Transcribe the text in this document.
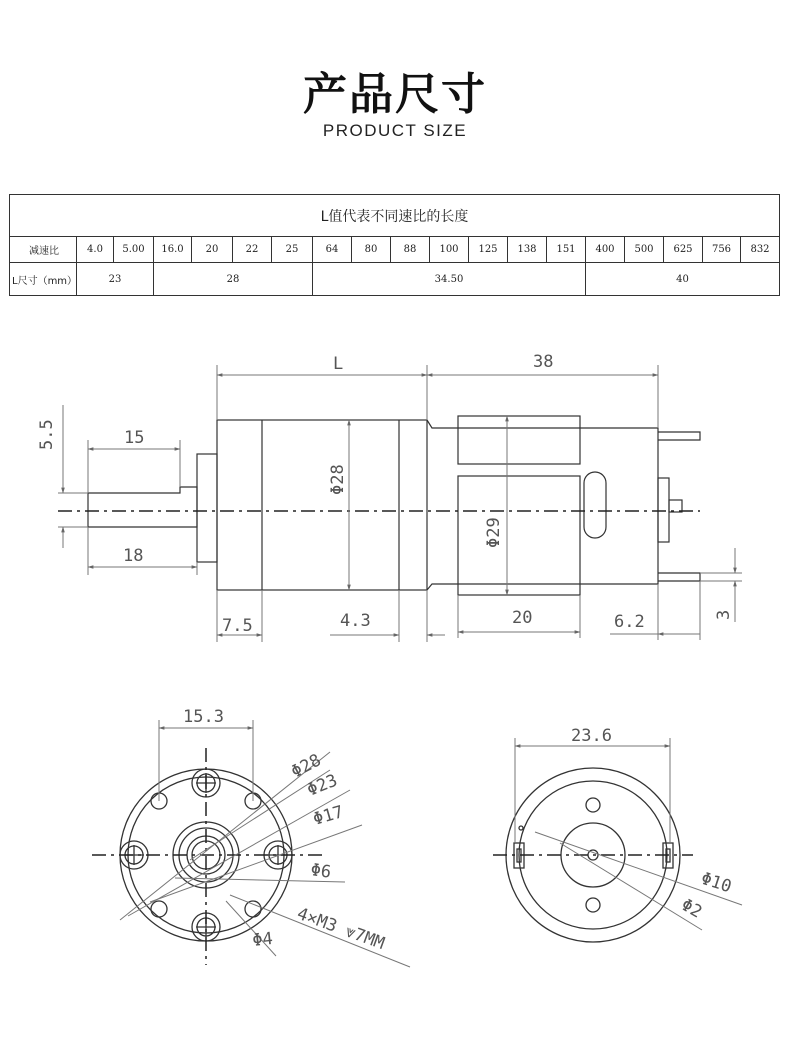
产品尺寸
PRODUCT SIZE
L值代表不同速比的长度
减速比	4.0	5.00	16.0	20	22	25	64	80	88	100	125	138	151	400	500	625	756	832
L尺寸（mm）	23	28	34.50	40
L	38
5.5	15
18
Φ28
Φ29
7.5	4.3	20	6.2	3
15.3
Φ28
Φ23
Φ17
Φ6
Φ4 4×M3 ⩔7MM
23.6
Φ10
Φ2
